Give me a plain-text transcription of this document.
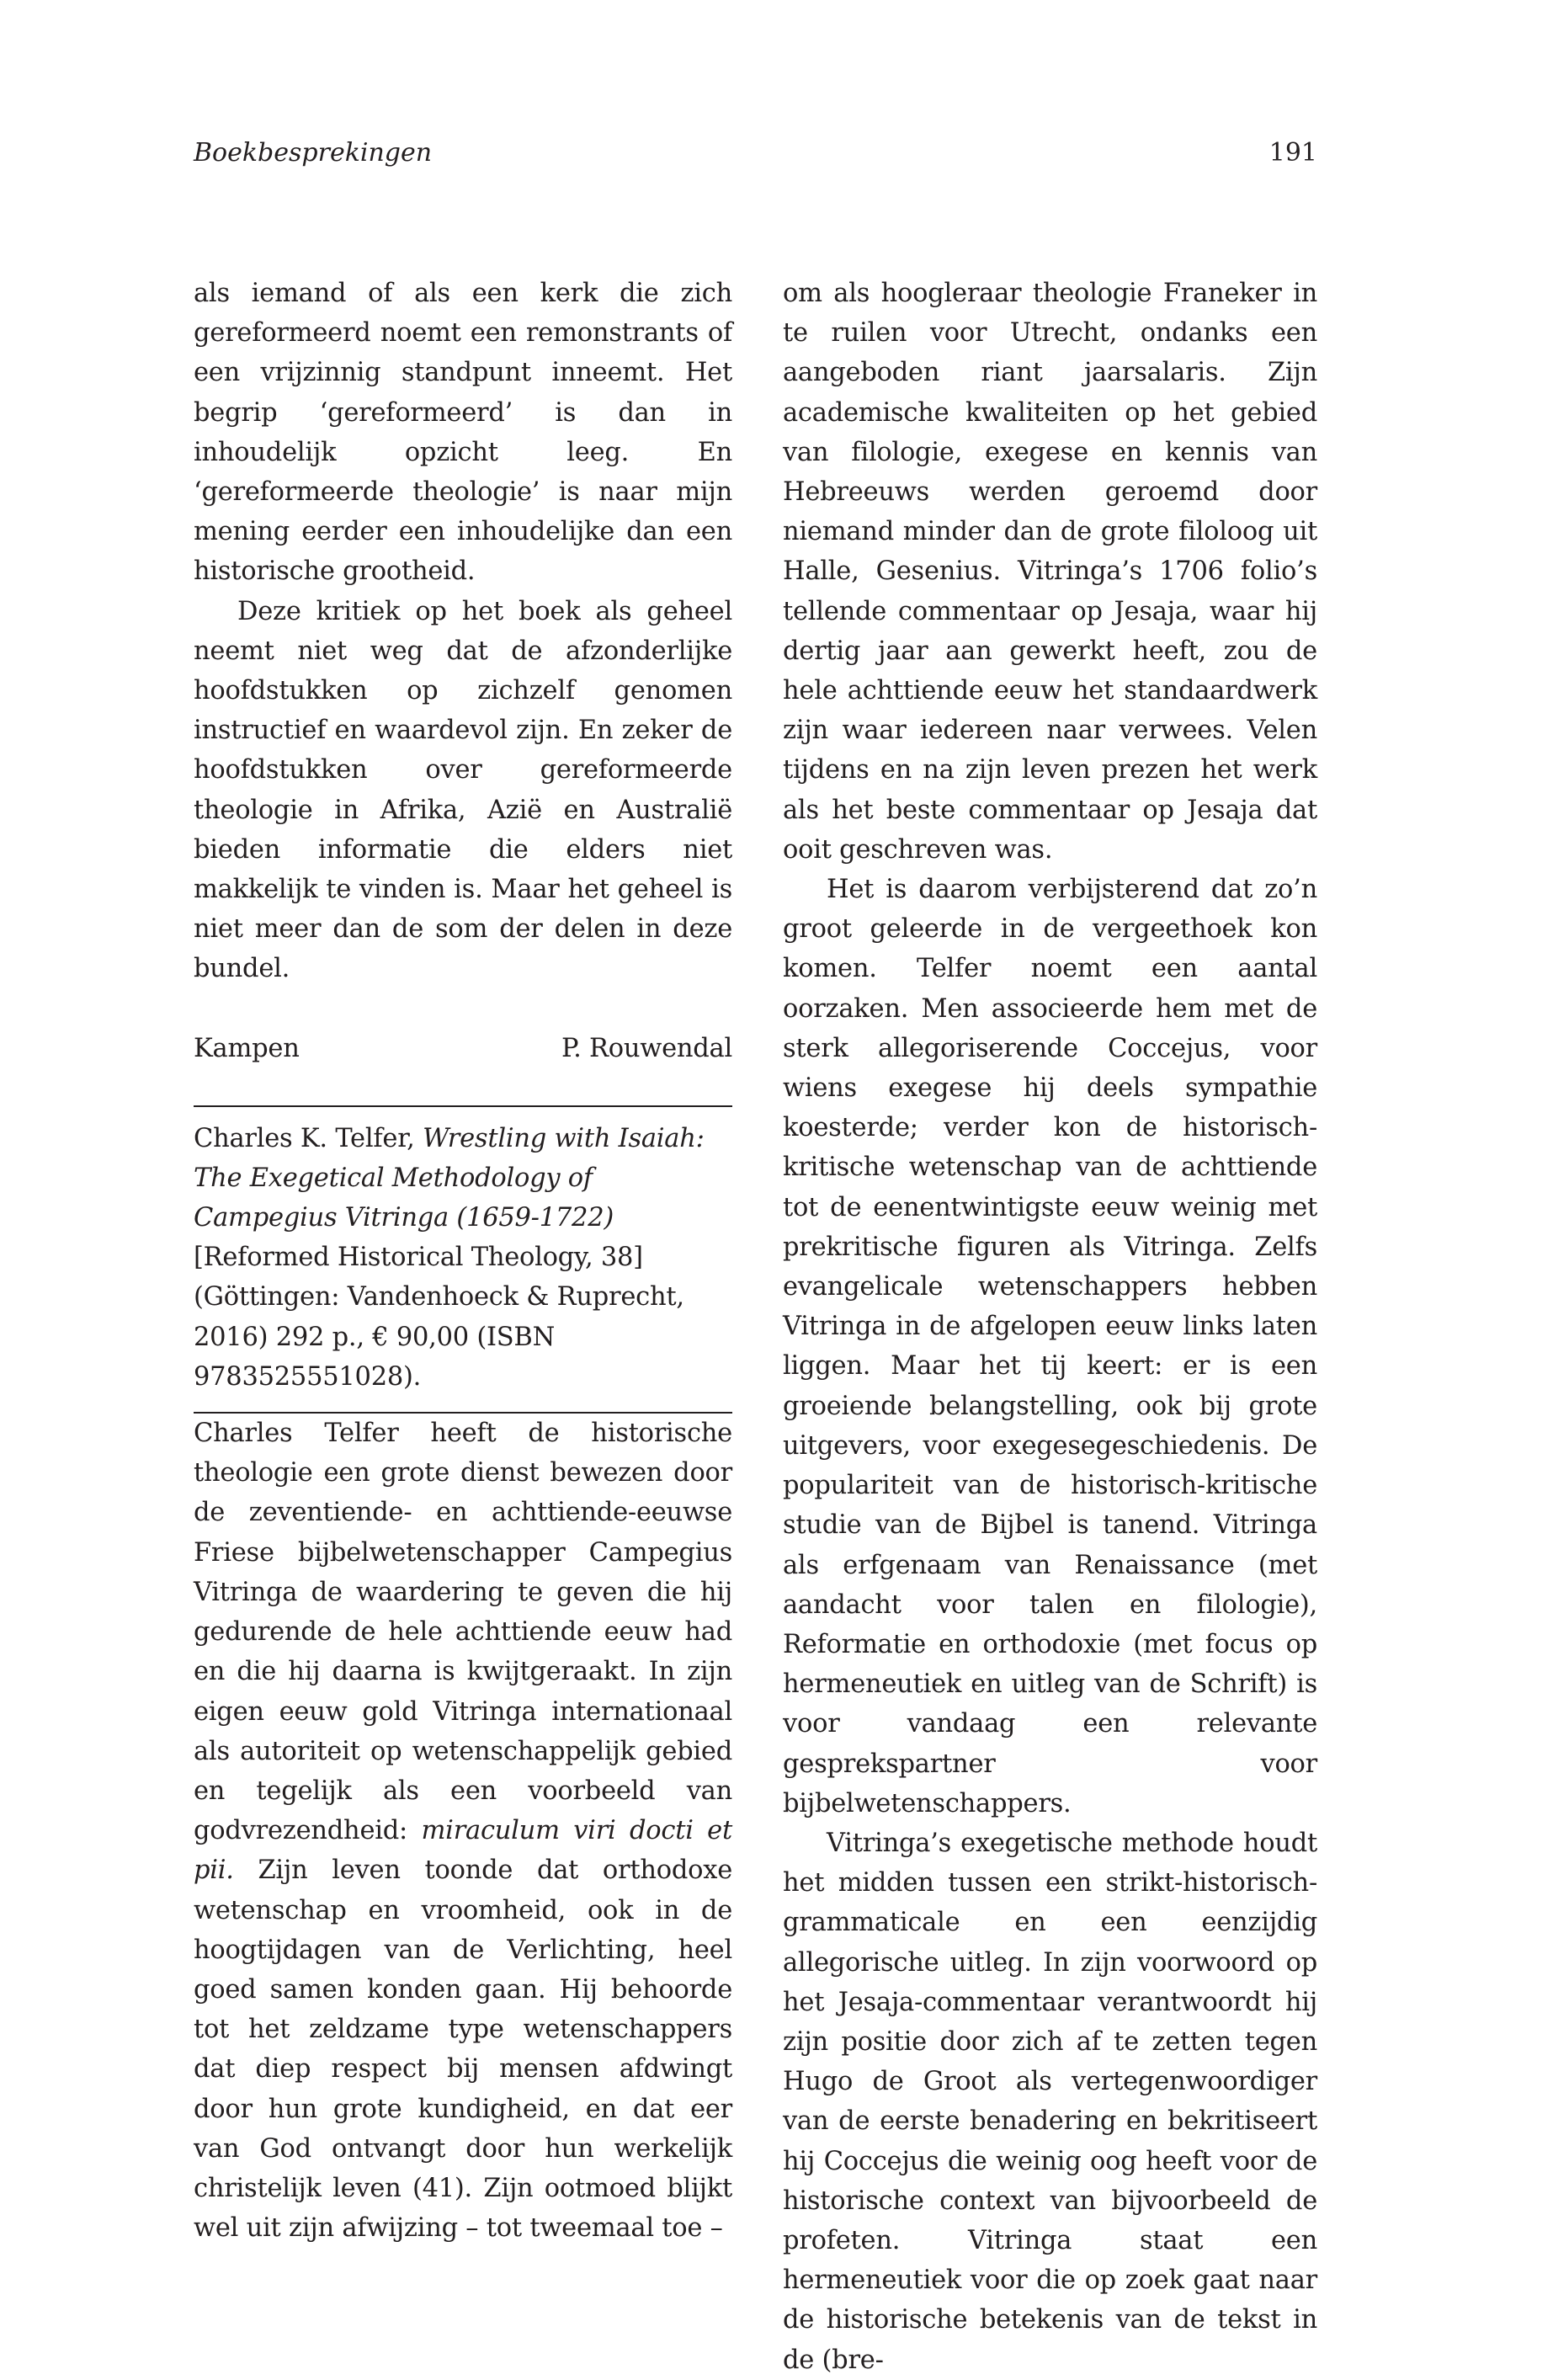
Boekbesprekingen	191

als iemand of als een kerk die zich gereformeerd noemt een remonstrants of een vrijzinnig standpunt inneemt. Het begrip ‘gereformeerd’ is dan in inhoudelijk opzicht leeg. En ‘gereformeerde theologie’ is naar mijn mening eerder een inhoudelijke dan een historische grootheid.

Deze kritiek op het boek als geheel neemt niet weg dat de afzonderlijke hoofdstukken op zichzelf genomen instructief en waardevol zijn. En zeker de hoofdstukken over gereformeerde theologie in Afrika, Azië en Australië bieden informatie die elders niet makkelijk te vinden is. Maar het geheel is niet meer dan de som der delen in deze bundel.

Kampen	P. Rouwendal

Charles K. Telfer, Wrestling with Isaiah: The Exegetical Methodology of Campegius Vitringa (1659-1722) [Reformed Historical Theology, 38] (Göttingen: Vandenhoeck & Ruprecht, 2016) 292 p., € 90,00 (ISBN 9783525551028).

Charles Telfer heeft de historische theologie een grote dienst bewezen door de zeventiende- en achttiende-eeuwse Friese bijbelwetenschapper Campegius Vitringa de waardering te geven die hij gedurende de hele achttiende eeuw had en die hij daarna is kwijtgeraakt. In zijn eigen eeuw gold Vitringa internationaal als autoriteit op wetenschappelijk gebied en tegelijk als een voorbeeld van godvrezendheid: miraculum viri docti et pii. Zijn leven toonde dat orthodoxe wetenschap en vroomheid, ook in de hoogtijdagen van de Verlichting, heel goed samen konden gaan. Hij behoorde tot het zeldzame type wetenschappers dat diep respect bij mensen afdwingt door hun grote kundigheid, en dat eer van God ontvangt door hun werkelijk christelijk leven (41). Zijn ootmoed blijkt wel uit zijn afwijzing – tot tweemaal toe –

om als hoogleraar theologie Franeker in te ruilen voor Utrecht, ondanks een aangeboden riant jaarsalaris. Zijn academische kwaliteiten op het gebied van filologie, exegese en kennis van Hebreeuws werden geroemd door niemand minder dan de grote filoloog uit Halle, Gesenius. Vitringa’s 1706 folio’s tellende commentaar op Jesaja, waar hij dertig jaar aan gewerkt heeft, zou de hele achttiende eeuw het standaardwerk zijn waar iedereen naar verwees. Velen tijdens en na zijn leven prezen het werk als het beste commentaar op Jesaja dat ooit geschreven was.

Het is daarom verbijsterend dat zo’n groot geleerde in de vergeethoek kon komen. Telfer noemt een aantal oorzaken. Men associeerde hem met de sterk allegoriserende Coccejus, voor wiens exegese hij deels sympathie koesterde; verder kon de historisch-kritische wetenschap van de achttiende tot de eenentwintigste eeuw weinig met prekritische figuren als Vitringa. Zelfs evangelicale wetenschappers hebben Vitringa in de afgelopen eeuw links laten liggen. Maar het tij keert: er is een groeiende belangstelling, ook bij grote uitgevers, voor exegesegeschiedenis. De populariteit van de historisch-kritische studie van de Bijbel is tanend. Vitringa als erfgenaam van Renaissance (met aandacht voor talen en filologie), Reformatie en orthodoxie (met focus op hermeneutiek en uitleg van de Schrift) is voor vandaag een relevante gesprekspartner voor bijbelwetenschappers.

Vitringa’s exegetische methode houdt het midden tussen een strikt-historisch-grammaticale en een eenzijdig allegorische uitleg. In zijn voorwoord op het Jesaja-commentaar verantwoordt hij zijn positie door zich af te zetten tegen Hugo de Groot als vertegenwoordiger van de eerste benadering en bekritiseert hij Coccejus die weinig oog heeft voor de historische context van bijvoorbeeld de profeten. Vitringa staat een hermeneutiek voor die op zoek gaat naar de historische betekenis van de tekst in de (bre-
